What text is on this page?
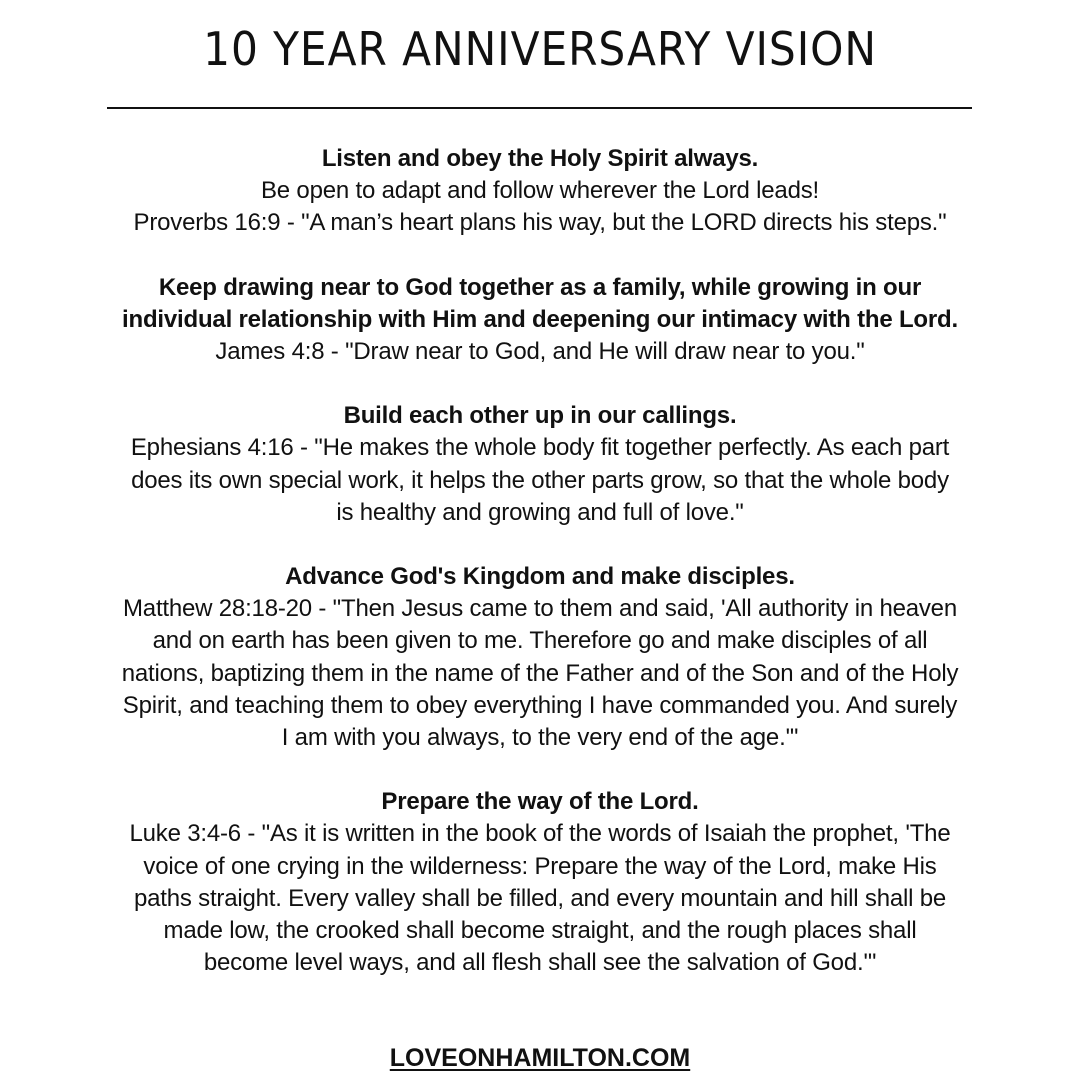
10 YEAR ANNIVERSARY VISION
Listen and obey the Holy Spirit always.
Be open to adapt and follow wherever the Lord leads!
Proverbs 16:9 - "A man’s heart plans his way, but the LORD directs his steps."
Keep drawing near to God together as a family, while growing in our
individual relationship with Him and deepening our intimacy with the Lord.
James 4:8 - "Draw near to God, and He will draw near to you."
Build each other up in our callings.
Ephesians 4:16 - "He makes the whole body fit together perfectly. As each part
does its own special work, it helps the other parts grow, so that the whole body
is healthy and growing and full of love."
Advance God's Kingdom and make disciples.
Matthew 28:18-20 - "Then Jesus came to them and said, 'All authority in heaven
and on earth has been given to me. Therefore go and make disciples of all
nations, baptizing them in the name of the Father and of the Son and of the Holy
Spirit, and teaching them to obey everything I have commanded you. And surely
I am with you always, to the very end of the age.'"
Prepare the way of the Lord.
Luke 3:4-6 - "As it is written in the book of the words of Isaiah the prophet, 'The
voice of one crying in the wilderness: Prepare the way of the Lord, make His
paths straight. Every valley shall be filled, and every mountain and hill shall be
made low, the crooked shall become straight, and the rough places shall
become level ways, and all flesh shall see the salvation of God.'"
LOVEONHAMILTON.COM
